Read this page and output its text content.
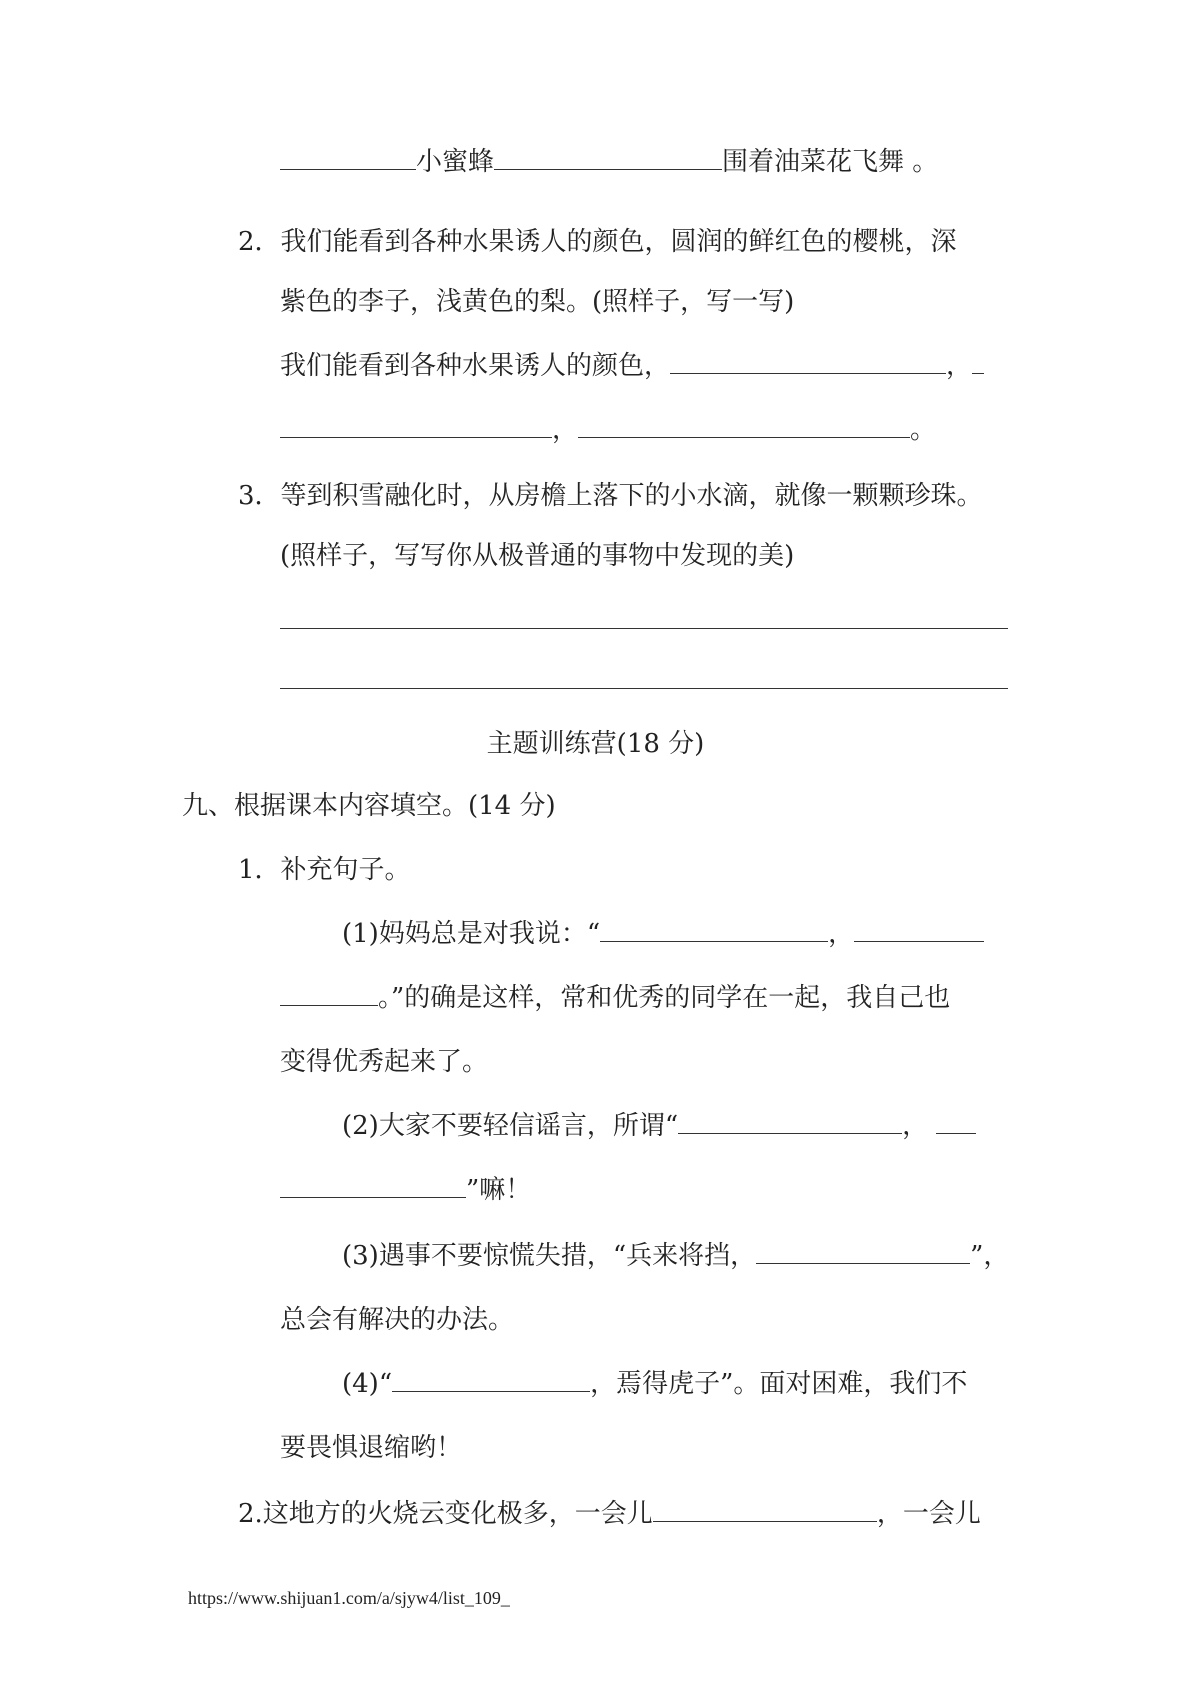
小蜜蜂	围着油菜花飞舞 。
2．我们能看到各种水果诱人的颜色，圆润的鲜红色的樱桃，深
紫色的李子，浅黄色的梨。(照样子，写一写)
我们能看到各种水果诱人的颜色，	，
，	。
3．等到积雪融化时，从房檐上落下的小水滴，就像一颗颗珍珠。
(照样子，写写你从极普通的事物中发现的美)
主题训练营(18 分)
九、根据课本内容填空。(14 分)
1．补充句子。
(1)妈妈总是对我说：“	，
。”的确是这样，常和优秀的同学在一起，我自己也
变得优秀起来了。
(2)大家不要轻信谣言，所谓“	，
”嘛！
(3)遇事不要惊慌失措，“兵来将挡，	”，
总会有解决的办法。
(4)“	，焉得虎子”。面对困难，我们不
要畏惧退缩哟！
2.这地方的火烧云变化极多，一会儿	，一会儿
https://www.shijuan1.com/a/sjyw4/list_109_
